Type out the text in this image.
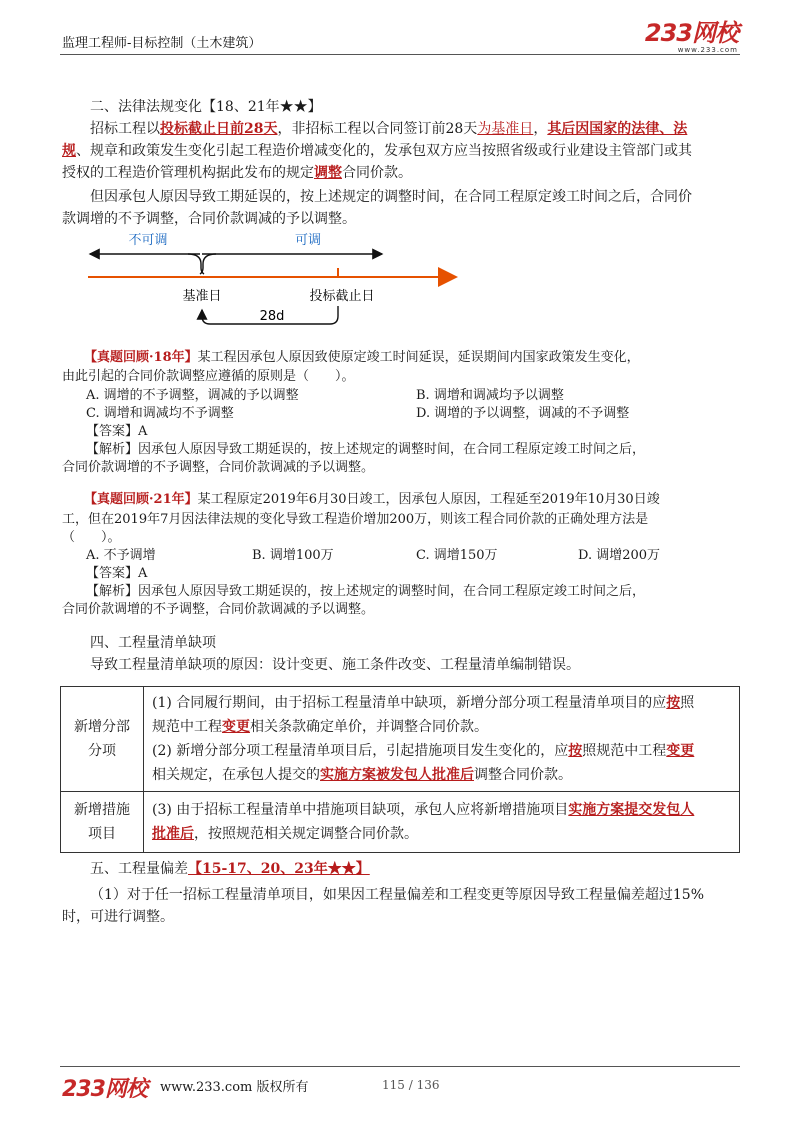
监理工程师-目标控制（土木建筑）	233网校
www.233.com
二、法律法规变化【18、21年★★】
招标工程以投标截止日前28天，非招标工程以合同签订前28天为基准日，其后因国家的法律、法
规、规章和政策发生变化引起工程造价增减变化的，发承包双方应当按照省级或行业建设主管部门或其
授权的工程造价管理机构据此发布的规定调整合同价款。
但因承包人原因导致工期延误的，按上述规定的调整时间，在合同工程原定竣工时间之后，合同价
款调增的不予调整，合同价款调减的予以调整。
不可调	可调
基准日	投标截止日
28d
【真题回顾·18年】某工程因承包人原因致使原定竣工时间延误，延误期间内国家政策发生变化，
由此引起的合同价款调整应遵循的原则是（　　）。
A. 调增的不予调整，调减的予以调整	B. 调增和调减均予以调整
C. 调增和调减均不予调整	D. 调增的予以调整，调减的不予调整
【答案】A
【解析】因承包人原因导致工期延误的，按上述规定的调整时间，在合同工程原定竣工时间之后，
合同价款调增的不予调整，合同价款调减的予以调整。
【真题回顾·21年】某工程原定2019年6月30日竣工，因承包人原因，工程延至2019年10月30日竣
工，但在2019年7月因法律法规的变化导致工程造价增加200万，则该工程合同价款的正确处理方法是
（　　）。
A. 不予调增	B. 调增100万	C. 调增150万	D. 调增200万
【答案】A
【解析】因承包人原因导致工期延误的，按上述规定的调整时间，在合同工程原定竣工时间之后，
合同价款调增的不予调整，合同价款调减的予以调整。
四、工程量清单缺项
导致工程量清单缺项的原因：设计变更、施工条件改变、工程量清单编制错误。
新增分部分项	(1) 合同履行期间，由于招标工程量清单中缺项，新增分部分项工程量清单项目的应按照
规范中工程变更相关条款确定单价，并调整合同价款。
(2) 新增分部分项工程量清单项目后，引起措施项目发生变化的，应按照规范中工程变更
相关规定，在承包人提交的实施方案被发包人批准后调整合同价款。

新增措施项目	(3) 由于招标工程量清单中措施项目缺项，承包人应将新增措施项目实施方案提交发包人
批准后，按照规范相关规定调整合同价款。
五、工程量偏差【15-17、20、23年★★】
（1）对于任一招标工程量清单项目，如果因工程量偏差和工程变更等原因导致工程量偏差超过15%
时，可进行调整。
233网校 www.233.com 版权所有	115 / 136
